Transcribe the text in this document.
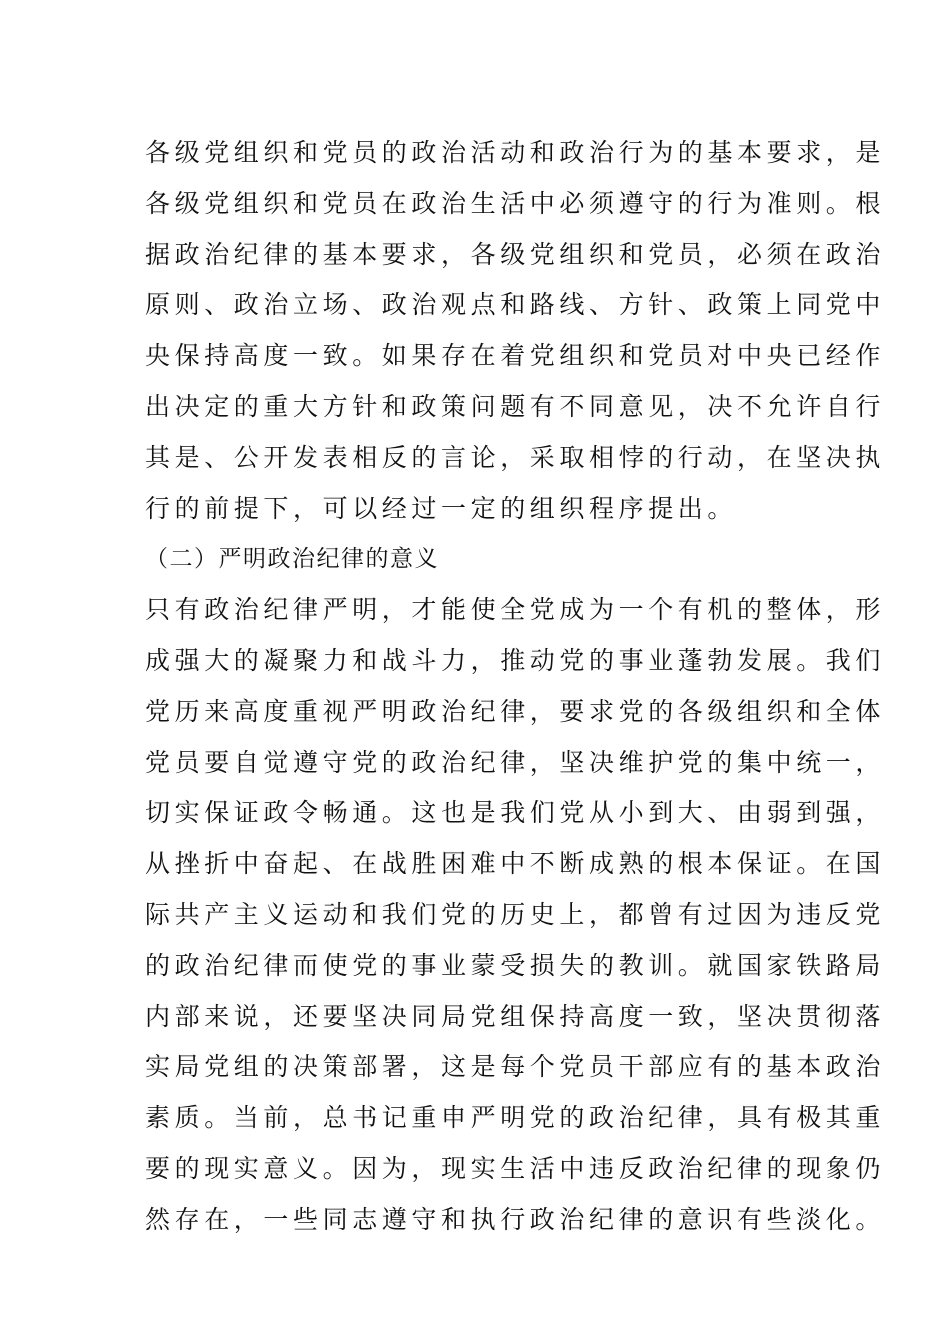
各级党组织和党员的政治活动和政治行为的基本要求，是
各级党组织和党员在政治生活中必须遵守的行为准则。根
据政治纪律的基本要求，各级党组织和党员，必须在政治
原则、政治立场、政治观点和路线、方针、政策上同党中
央保持高度一致。如果存在着党组织和党员对中央已经作
出决定的重大方针和政策问题有不同意见，决不允许自行
其是、公开发表相反的言论，采取相悖的行动，在坚决执
行的前提下，可以经过一定的组织程序提出。
（二）严明政治纪律的意义
只有政治纪律严明，才能使全党成为一个有机的整体，形
成强大的凝聚力和战斗力，推动党的事业蓬勃发展。我们
党历来高度重视严明政治纪律，要求党的各级组织和全体
党员要自觉遵守党的政治纪律，坚决维护党的集中统一，
切实保证政令畅通。这也是我们党从小到大、由弱到强，
从挫折中奋起、在战胜困难中不断成熟的根本保证。在国
际共产主义运动和我们党的历史上，都曾有过因为违反党
的政治纪律而使党的事业蒙受损失的教训。就国家铁路局
内部来说，还要坚决同局党组保持高度一致，坚决贯彻落
实局党组的决策部署，这是每个党员干部应有的基本政治
素质。当前，总书记重申严明党的政治纪律，具有极其重
要的现实意义。因为，现实生活中违反政治纪律的现象仍
然存在，一些同志遵守和执行政治纪律的意识有些淡化。
